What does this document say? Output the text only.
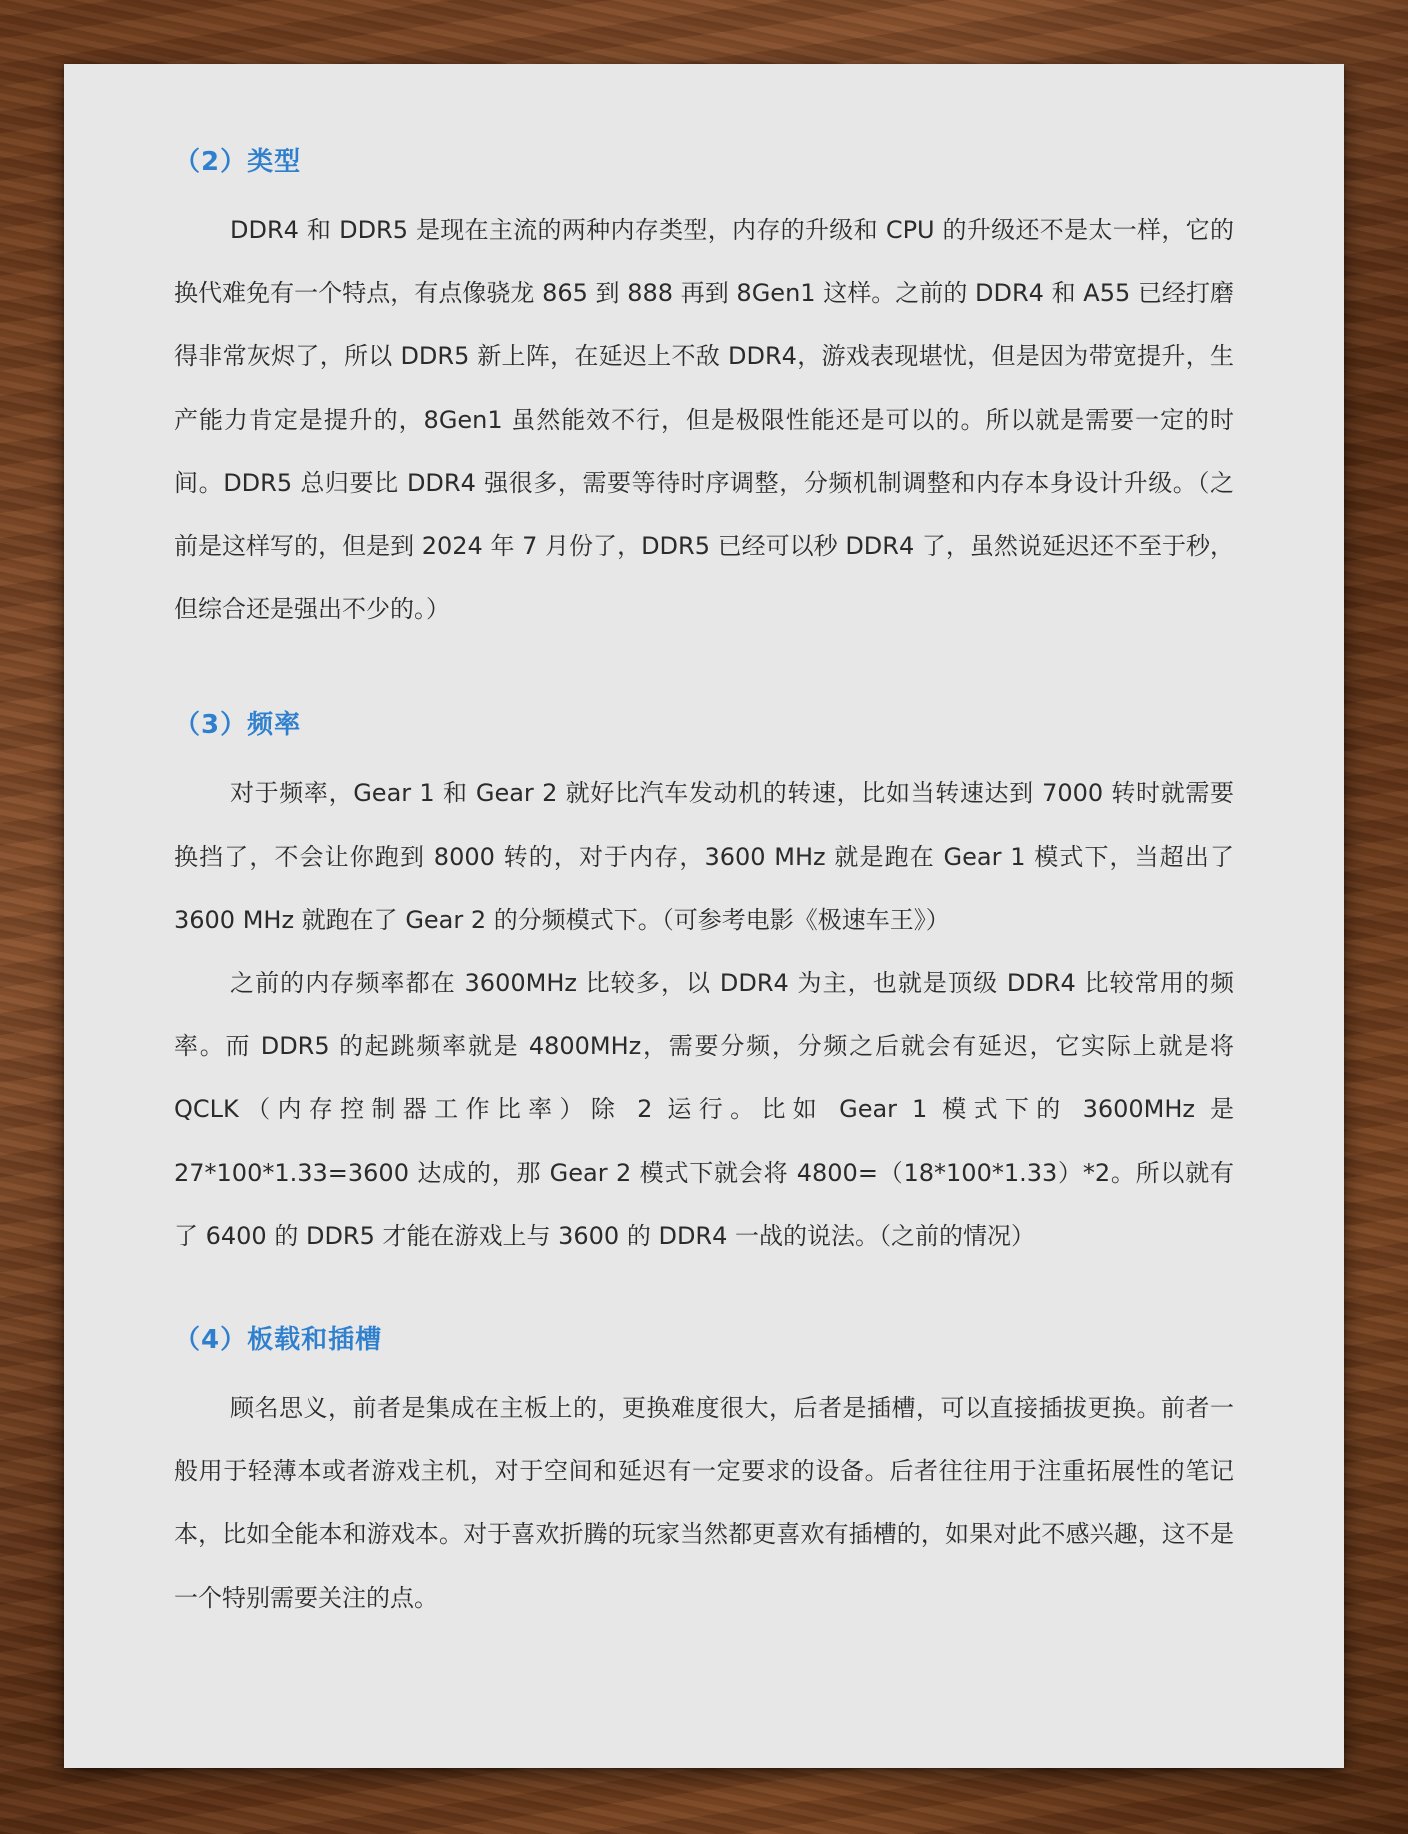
（2）类型

DDR4 和 DDR5 是现在主流的两种内存类型，内存的升级和 CPU 的升级还不是太一样，它的换代难免有一个特点，有点像骁龙 865 到 888 再到 8Gen1 这样。之前的 DDR4 和 A55 已经打磨得非常灰烬了，所以 DDR5 新上阵，在延迟上不敌 DDR4，游戏表现堪忧，但是因为带宽提升，生产能力肯定是提升的，8Gen1 虽然能效不行，但是极限性能还是可以的。所以就是需要一定的时间。DDR5 总归要比 DDR4 强很多，需要等待时序调整，分频机制调整和内存本身设计升级。（之前是这样写的，但是到 2024 年 7 月份了，DDR5 已经可以秒 DDR4 了，虽然说延迟还不至于秒，但综合还是强出不少的。）

（3）频率

对于频率，Gear 1 和 Gear 2 就好比汽车发动机的转速，比如当转速达到 7000 转时就需要换挡了，不会让你跑到 8000 转的，对于内存，3600 MHz 就是跑在 Gear 1 模式下，当超出了 3600 MHz 就跑在了 Gear 2 的分频模式下。（可参考电影《极速车王》）

之前的内存频率都在 3600MHz 比较多，以 DDR4 为主，也就是顶级 DDR4 比较常用的频率。而 DDR5 的起跳频率就是 4800MHz，需要分频，分频之后就会有延迟，它实际上就是将 QCLK（内存控制器工作比率）除 2 运行。比如 Gear 1 模式下的 3600MHz 是 27*100*1.33=3600 达成的，那 Gear 2 模式下就会将 4800=（18*100*1.33）*2。所以就有了 6400 的 DDR5 才能在游戏上与 3600 的 DDR4 一战的说法。（之前的情况）

（4）板载和插槽

顾名思义，前者是集成在主板上的，更换难度很大，后者是插槽，可以直接插拔更换。前者一般用于轻薄本或者游戏主机，对于空间和延迟有一定要求的设备。后者往往用于注重拓展性的笔记本，比如全能本和游戏本。对于喜欢折腾的玩家当然都更喜欢有插槽的，如果对此不感兴趣，这不是一个特别需要关注的点。
